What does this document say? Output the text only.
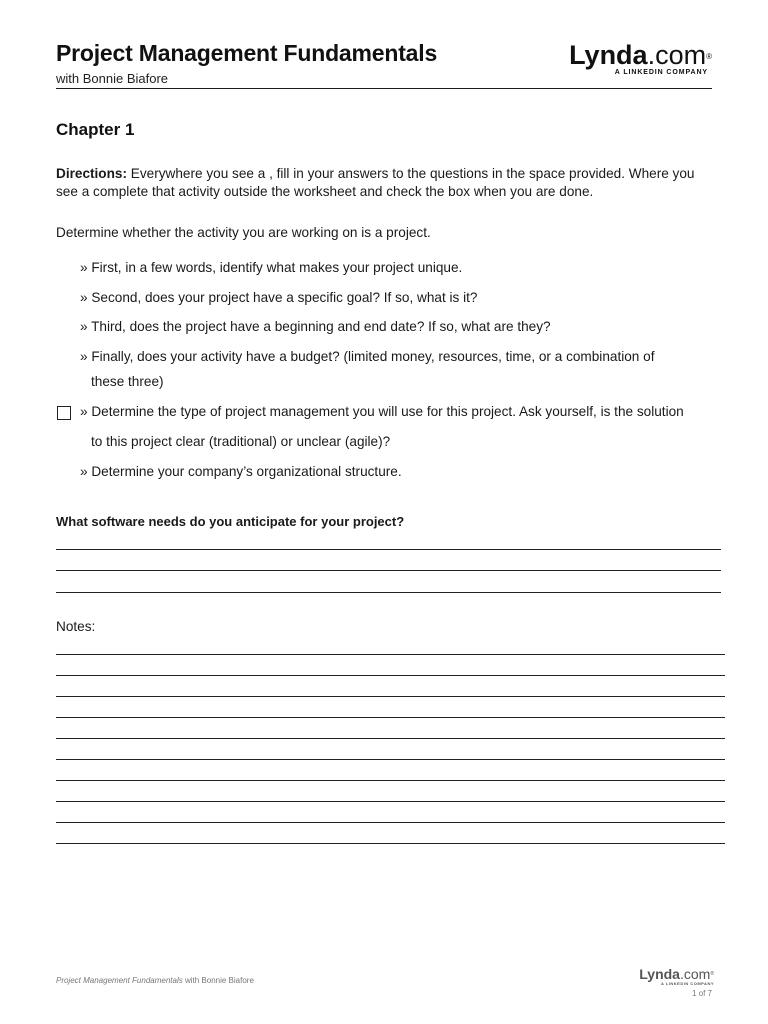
Project Management Fundamentals
with Bonnie Biafore
Lynda.com®
A LINKEDIN COMPANY
Chapter 1
Directions: Everywhere you see a , fill in your answers to the questions in the space provided. Where you see a complete that activity outside the worksheet and check the box when you are done.
Determine whether the activity you are working on is a project.
» First, in a few words, identify what makes your project unique.
» Second, does your project have a specific goal? If so, what is it?
» Third, does the project have a beginning and end date? If so, what are they?
» Finally, does your activity have a budget? (limited money, resources, time, or a combination of
these three)
» Determine the type of project management you will use for this project. Ask yourself, is the solution
to this project clear (traditional) or unclear (agile)?
» Determine your company’s organizational structure.
What software needs do you anticipate for your project?
Notes:
Project Management Fundamentals with Bonnie Biafore	Lynda.com®
A LINKEDIN COMPANY
1 of 7
